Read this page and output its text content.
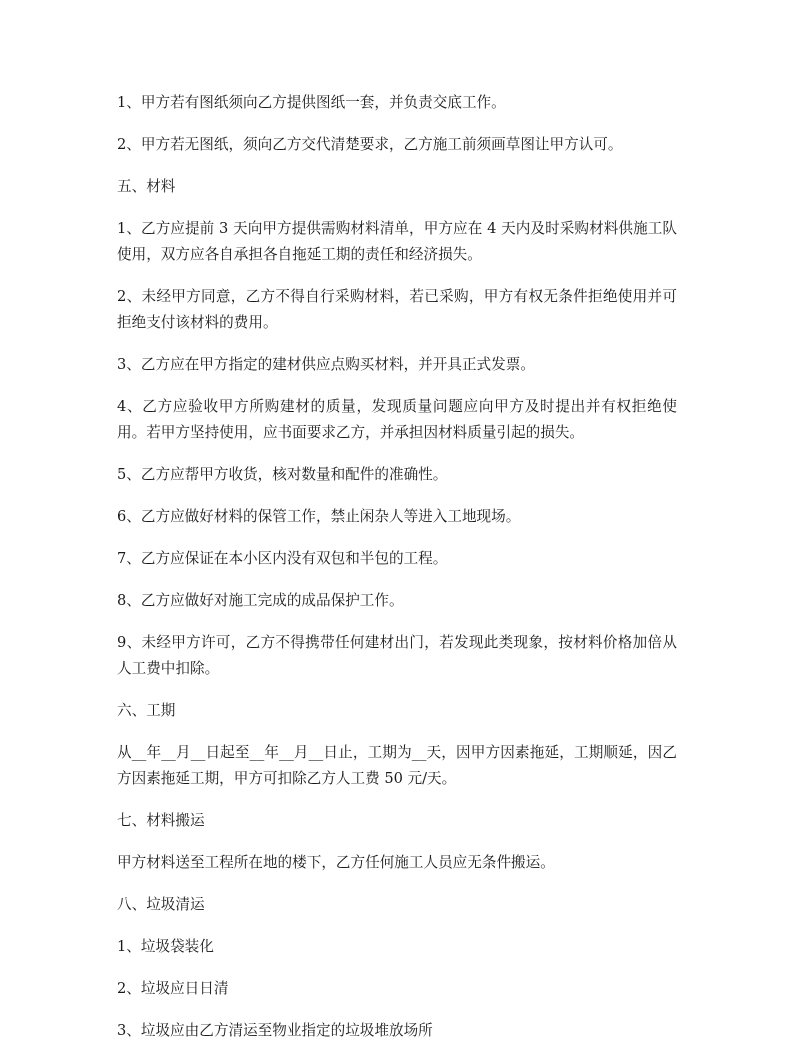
1、甲方若有图纸须向乙方提供图纸一套，并负责交底工作。

2、甲方若无图纸，须向乙方交代清楚要求，乙方施工前须画草图让甲方认可。

五、材料

1、乙方应提前 3 天向甲方提供需购材料清单，甲方应在 4 天内及时采购材料供施工队使用，双方应各自承担各自拖延工期的责任和经济损失。

2、未经甲方同意，乙方不得自行采购材料，若已采购，甲方有权无条件拒绝使用并可拒绝支付该材料的费用。

3、乙方应在甲方指定的建材供应点购买材料，并开具正式发票。

4、乙方应验收甲方所购建材的质量，发现质量问题应向甲方及时提出并有权拒绝使用。若甲方坚持使用，应书面要求乙方，并承担因材料质量引起的损失。

5、乙方应帮甲方收货，核对数量和配件的准确性。

6、乙方应做好材料的保管工作，禁止闲杂人等进入工地现场。

7、乙方应保证在本小区内没有双包和半包的工程。

8、乙方应做好对施工完成的成品保护工作。

9、未经甲方许可，乙方不得携带任何建材出门，若发现此类现象，按材料价格加倍从人工费中扣除。

六、工期

从__年__月__日起至__年__月__日止，工期为__天，因甲方因素拖延，工期顺延，因乙方因素拖延工期，甲方可扣除乙方人工费 50 元/天。

七、材料搬运

甲方材料送至工程所在地的楼下，乙方任何施工人员应无条件搬运。

八、垃圾清运

1、垃圾袋装化

2、垃圾应日日清

3、垃圾应由乙方清运至物业指定的垃圾堆放场所
